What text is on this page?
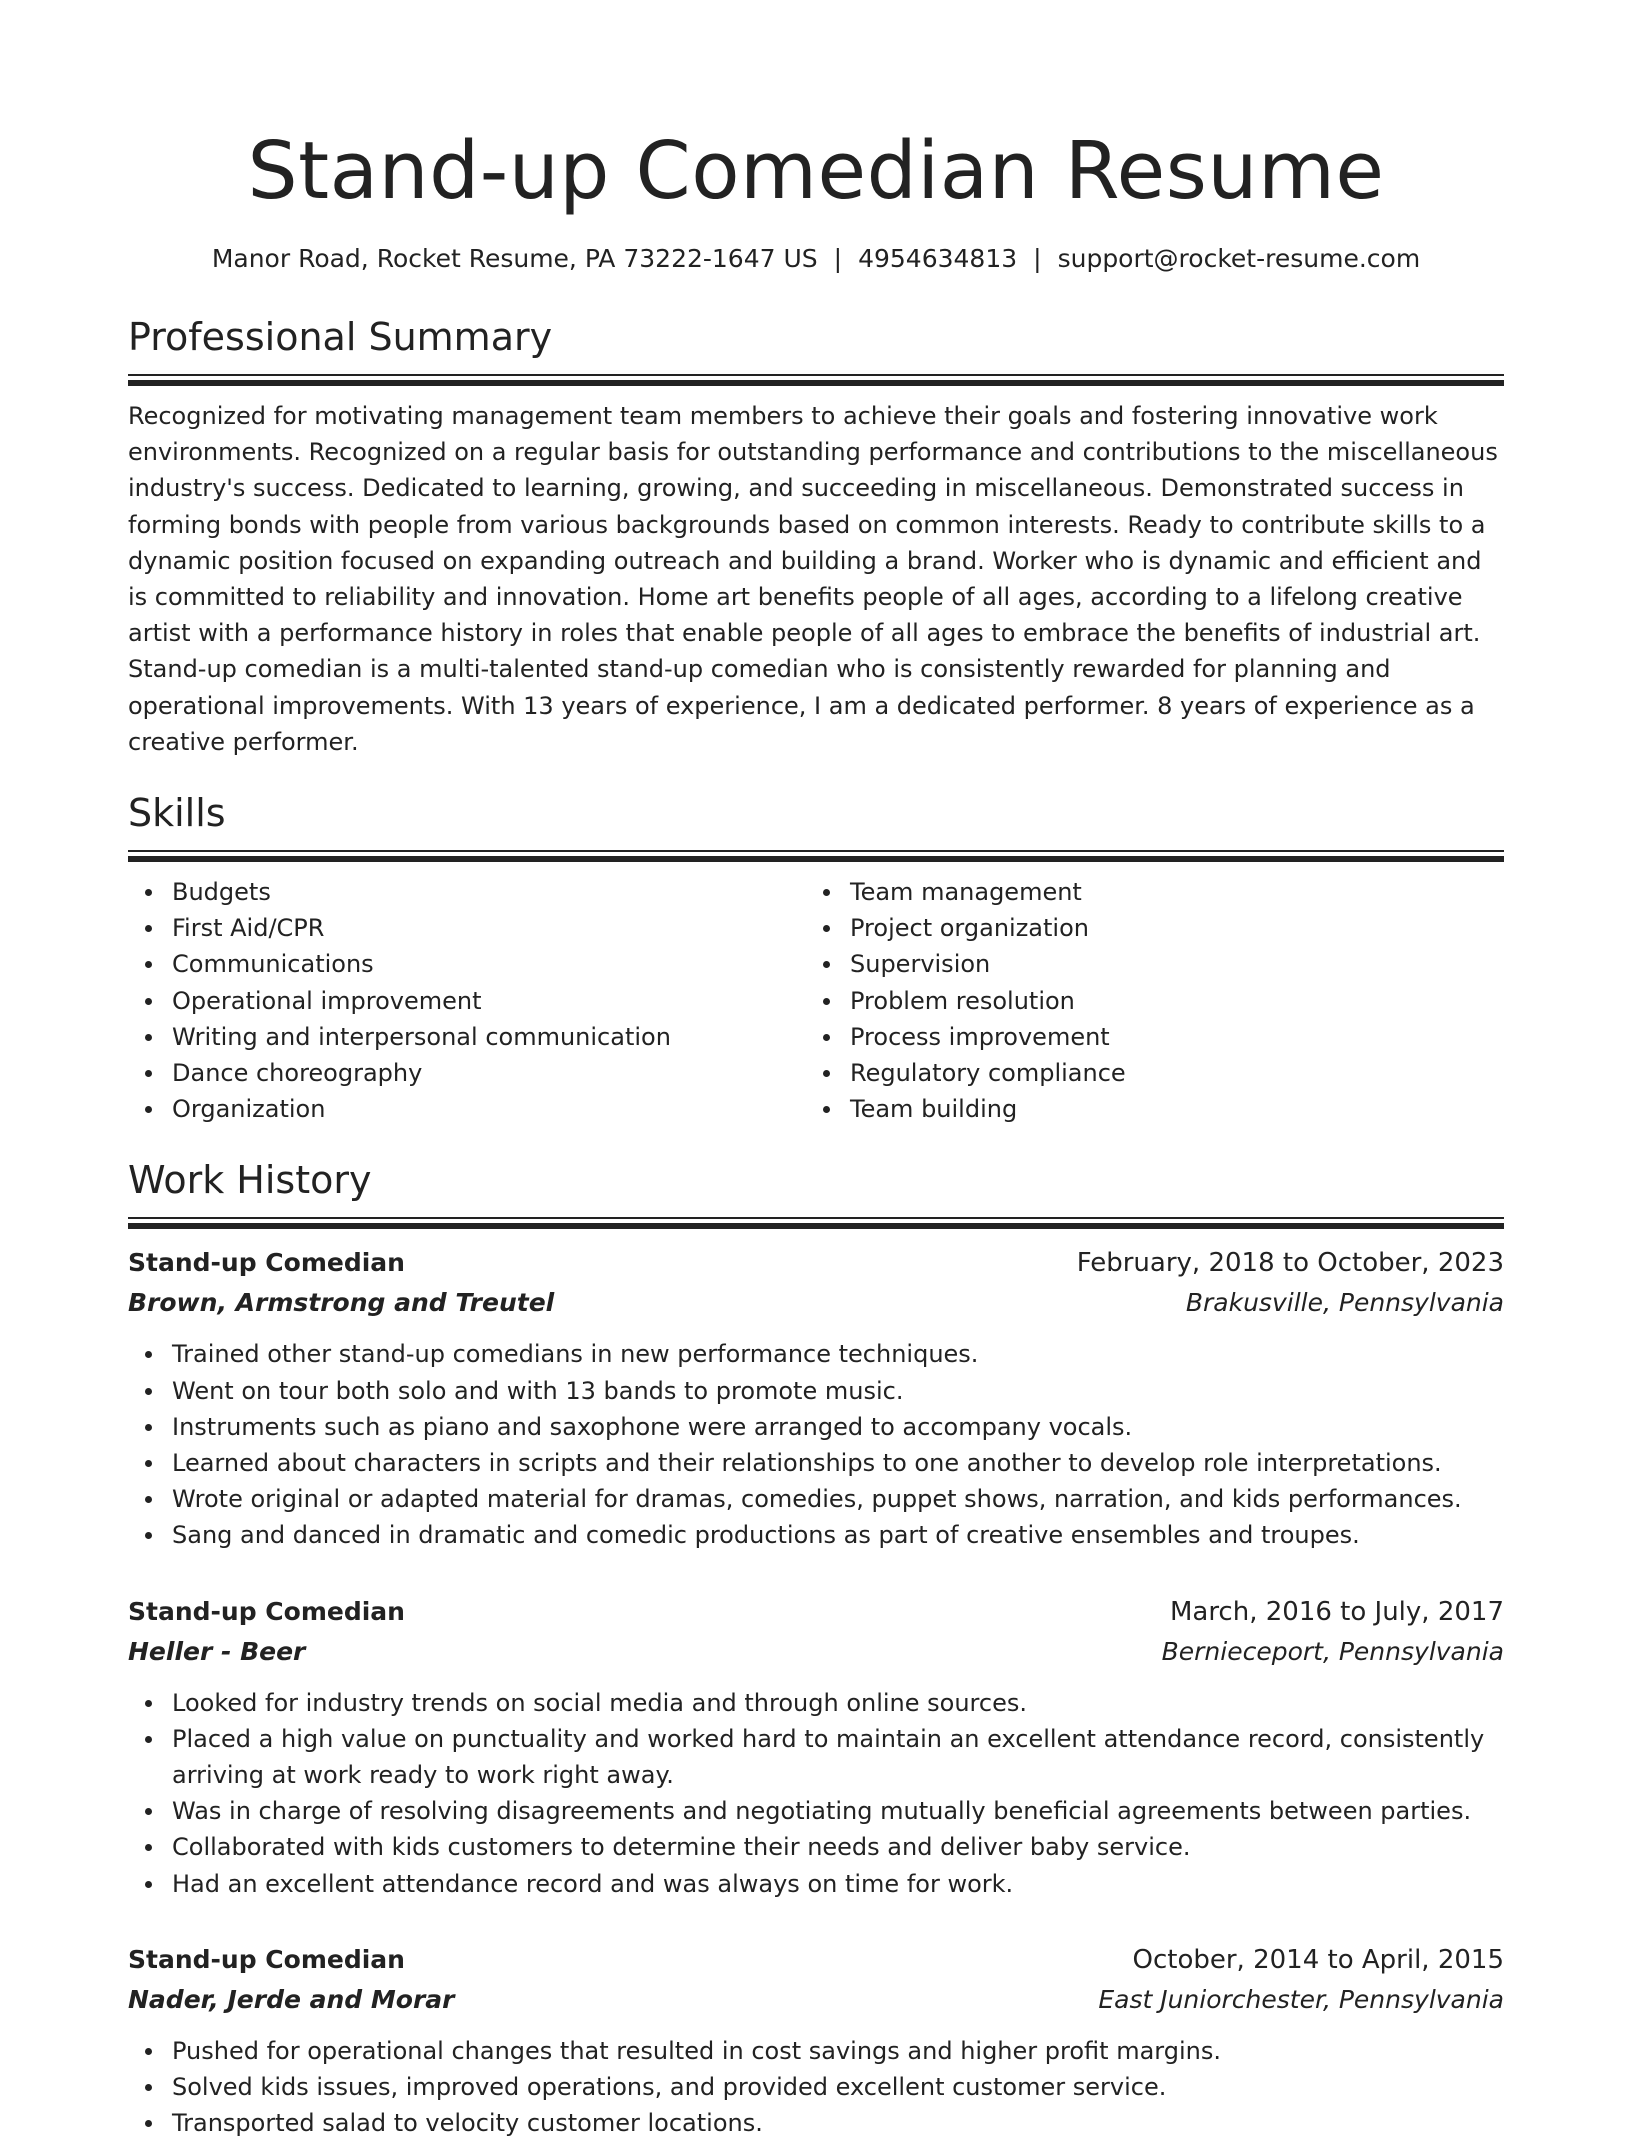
Stand-up Comedian Resume
Manor Road, Rocket Resume, PA 73222-1647 US | 4954634813 | support@rocket-resume.com
Professional Summary

Recognized for motivating management team members to achieve their goals and fostering innovative work environments. Recognized on a regular basis for outstanding performance and contributions to the miscellaneous industry's success. Dedicated to learning, growing, and succeeding in miscellaneous. Demonstrated success in forming bonds with people from various backgrounds based on common interests. Ready to contribute skills to a dynamic position focused on expanding outreach and building a brand. Worker who is dynamic and efficient and is committed to reliability and innovation. Home art benefits people of all ages, according to a lifelong creative artist with a performance history in roles that enable people of all ages to embrace the benefits of industrial art. Stand-up comedian is a multi-talented stand-up comedian who is consistently rewarded for planning and operational improvements. With 13 years of experience, I am a dedicated performer. 8 years of experience as a creative performer.

Skills
Budgets
First Aid/CPR
Communications
Operational improvement
Writing and interpersonal communication
Dance choreography
Organization
Team management
Project organization
Supervision
Problem resolution
Process improvement
Regulatory compliance
Team building
Work History
Stand-up Comedian	February, 2018 to October, 2023
Brown, Armstrong and Treutel	Brakusville, Pennsylvania
Trained other stand-up comedians in new performance techniques.
Went on tour both solo and with 13 bands to promote music.
Instruments such as piano and saxophone were arranged to accompany vocals.
Learned about characters in scripts and their relationships to one another to develop role interpretations.
Wrote original or adapted material for dramas, comedies, puppet shows, narration, and kids performances.
Sang and danced in dramatic and comedic productions as part of creative ensembles and troupes.
Stand-up Comedian	March, 2016 to July, 2017
Heller - Beer	Bernieceport, Pennsylvania
Looked for industry trends on social media and through online sources.
Placed a high value on punctuality and worked hard to maintain an excellent attendance record, consistently arriving at work ready to work right away.
Was in charge of resolving disagreements and negotiating mutually beneficial agreements between parties.
Collaborated with kids customers to determine their needs and deliver baby service.
Had an excellent attendance record and was always on time for work.
Stand-up Comedian	October, 2014 to April, 2015
Nader, Jerde and Morar	East Juniorchester, Pennsylvania
Pushed for operational changes that resulted in cost savings and higher profit margins.
Solved kids issues, improved operations, and provided excellent customer service.
Transported salad to velocity customer locations.
